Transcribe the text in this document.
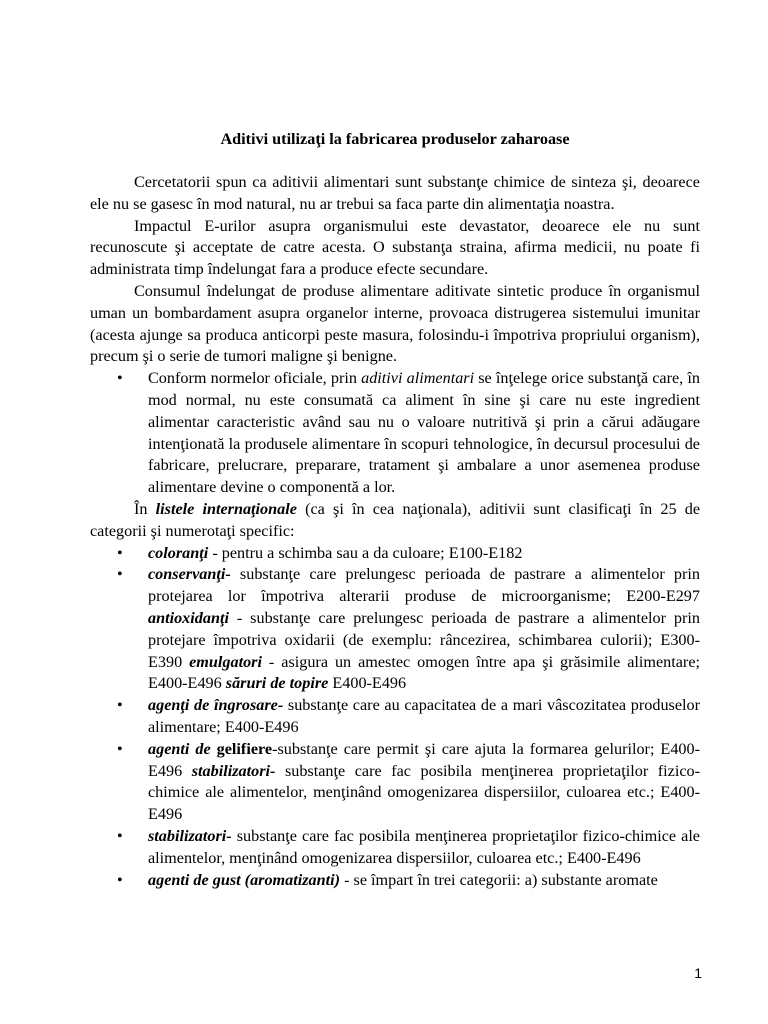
Aditivi utilizaţi la fabricarea produselor zaharoase

Cercetatorii spun ca aditivii alimentari sunt substanţe chimice de sinteza şi, deoarece ele nu se gasesc în mod natural, nu ar trebui sa faca parte din alimentaţia noastra.

Impactul E-urilor asupra organismului este devastator, deoarece ele nu sunt recunoscute şi acceptate de catre acesta. O substanţa straina, afirma medicii, nu poate fi administrata timp îndelungat fara a produce efecte secundare.

Consumul îndelungat de produse alimentare aditivate sintetic produce în organismul uman un bombardament asupra organelor interne, provoaca distrugerea sistemului imunitar (acesta ajunge sa produca anticorpi peste masura, folosindu-i împotriva propriului organism), precum şi o serie de tumori maligne şi benigne.

• Conform normelor oficiale, prin aditivi alimentari se înţelege orice substanţă care, în mod normal, nu este consumată ca aliment în sine şi care nu este ingredient alimentar caracteristic având sau nu o valoare nutritivă şi prin a cărui adăugare intenţionată la produsele alimentare în scopuri tehnologice, în decursul procesului de fabricare, prelucrare, preparare, tratament şi ambalare a unor asemenea produse alimentare devine o componentă a lor.

În listele internaţionale (ca şi în cea naţionala), aditivii sunt clasificaţi în 25 de categorii şi numerotaţi specific:

• coloranţi - pentru a schimba sau a da culoare; E100-E182
• conservanţi- substanţe care prelungesc perioada de pastrare a alimentelor prin protejarea lor împotriva alterarii produse de microorganisme; E200-E297 antioxidanţi - substanţe care prelungesc perioada de pastrare a alimentelor prin protejare împotriva oxidarii (de exemplu: râncezirea, schimbarea culorii); E300-E390 emulgatori - asigura un amestec omogen între apa şi grăsimile alimentare; E400-E496 săruri de topire E400-E496
• agenţi de îngrosare- substanţe care au capacitatea de a mari vâscozitatea produselor alimentare; E400-E496
• agenti de gelifiere-substanţe care permit şi care ajuta la formarea gelurilor; E400-E496 stabilizatori- substanţe care fac posibila menţinerea proprietaţilor fizico-chimice ale alimentelor, menţinând omogenizarea dispersiilor, culoarea etc.; E400-E496
• stabilizatori- substanţe care fac posibila menţinerea proprietaţilor fizico-chimice ale alimentelor, menţinând omogenizarea dispersiilor, culoarea etc.; E400-E496
• agenti de gust (aromatizanti) - se împart în trei categorii: a) substante aromate
1
